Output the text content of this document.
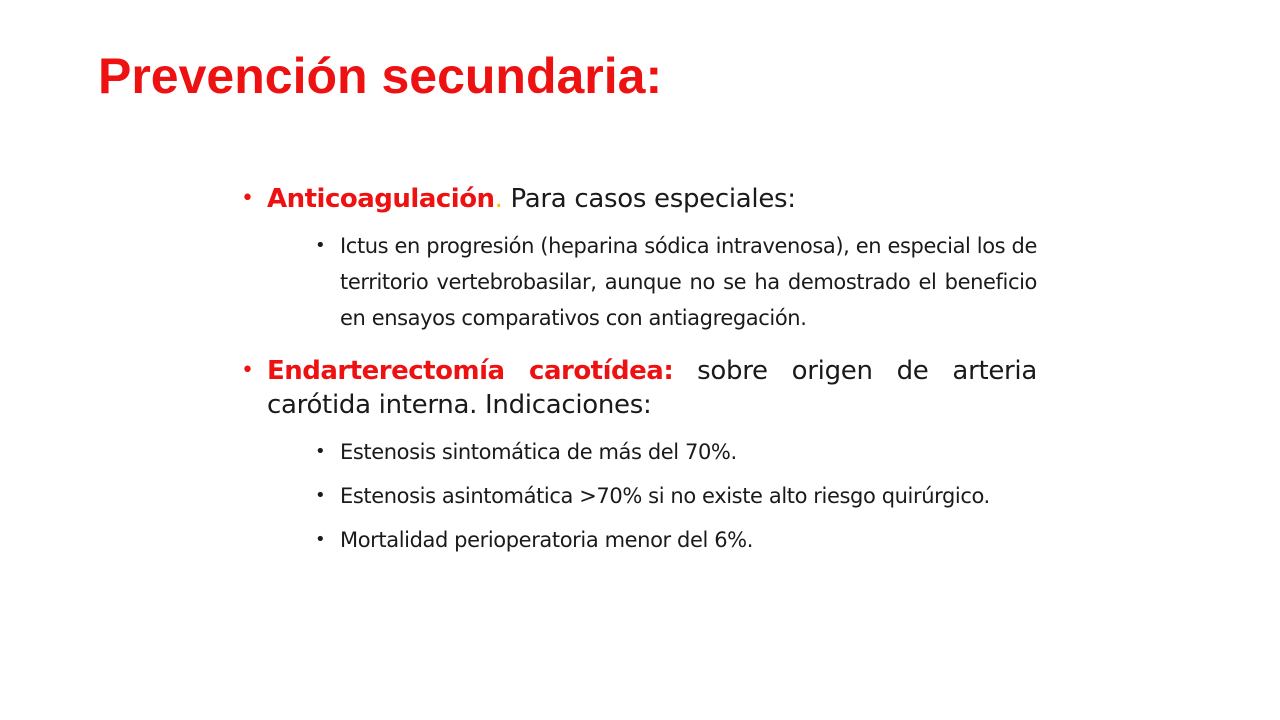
Prevención secundaria:
• Anticoagulación. Para casos especiales:
• Ictus en progresión (heparina sódica intravenosa), en especial los de territorio vertebrobasilar, aunque no se ha demostrado el beneficio en ensayos comparativos con antiagregación.
• Endarterectomía carotídea: sobre origen de arteria carótida interna. Indicaciones:
• Estenosis sintomática de más del 70%.
• Estenosis asintomática >70% si no existe alto riesgo quirúrgico.
• Mortalidad perioperatoria menor del 6%.
